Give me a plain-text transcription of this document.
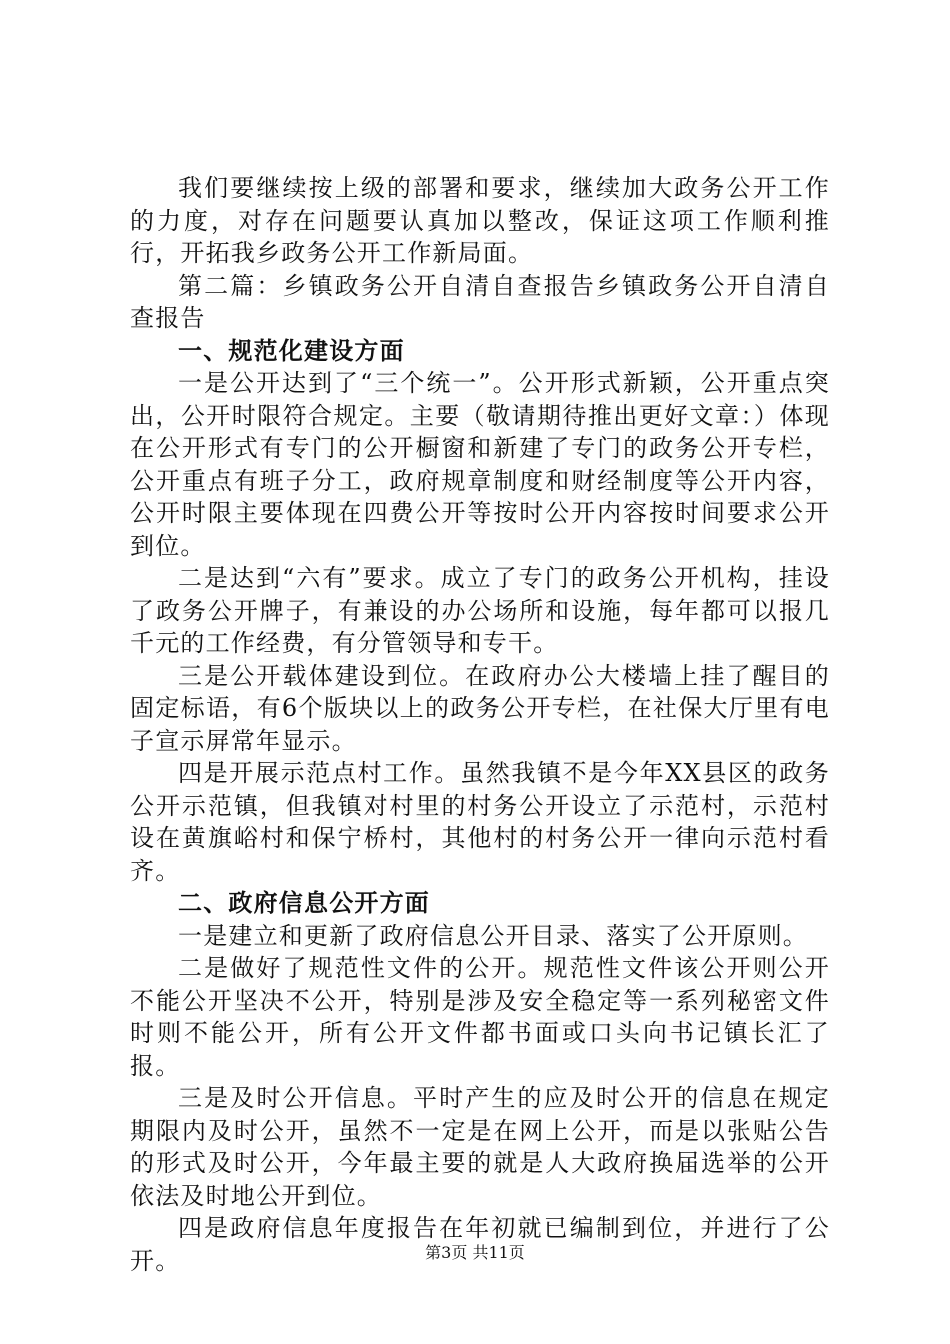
我们要继续按上级的部署和要求，继续加大政务公开工作的力度，对存在问题要认真加以整改，保证这项工作顺利推行，开拓我乡政务公开工作新局面。

第二篇：乡镇政务公开自清自查报告乡镇政务公开自清自查报告

一、规范化建设方面

一是公开达到了“三个统一”。公开形式新颖，公开重点突出，公开时限符合规定。主要（敬请期待推出更好文章：）体现在公开形式有专门的公开橱窗和新建了专门的政务公开专栏，公开重点有班子分工，政府规章制度和财经制度等公开内容，公开时限主要体现在四费公开等按时公开内容按时间要求公开到位。

二是达到“六有”要求。成立了专门的政务公开机构，挂设了政务公开牌子，有兼设的办公场所和设施，每年都可以报几千元的工作经费，有分管领导和专干。

三是公开载体建设到位。在政府办公大楼墙上挂了醒目的固定标语，有6个版块以上的政务公开专栏，在社保大厅里有电子宣示屏常年显示。

四是开展示范点村工作。虽然我镇不是今年XX县区的政务公开示范镇，但我镇对村里的村务公开设立了示范村，示范村设在黄旗峪村和保宁桥村，其他村的村务公开一律向示范村看齐。

二、政府信息公开方面

一是建立和更新了政府信息公开目录、落实了公开原则。

二是做好了规范性文件的公开。规范性文件该公开则公开不能公开坚决不公开，特别是涉及安全稳定等一系列秘密文件时则不能公开，所有公开文件都书面或口头向书记镇长汇了报。

三是及时公开信息。平时产生的应及时公开的信息在规定期限内及时公开，虽然不一定是在网上公开，而是以张贴公告的形式及时公开，今年最主要的就是人大政府换届选举的公开依法及时地公开到位。

四是政府信息年度报告在年初就已编制到位，并进行了公开。	第3页 共11页
